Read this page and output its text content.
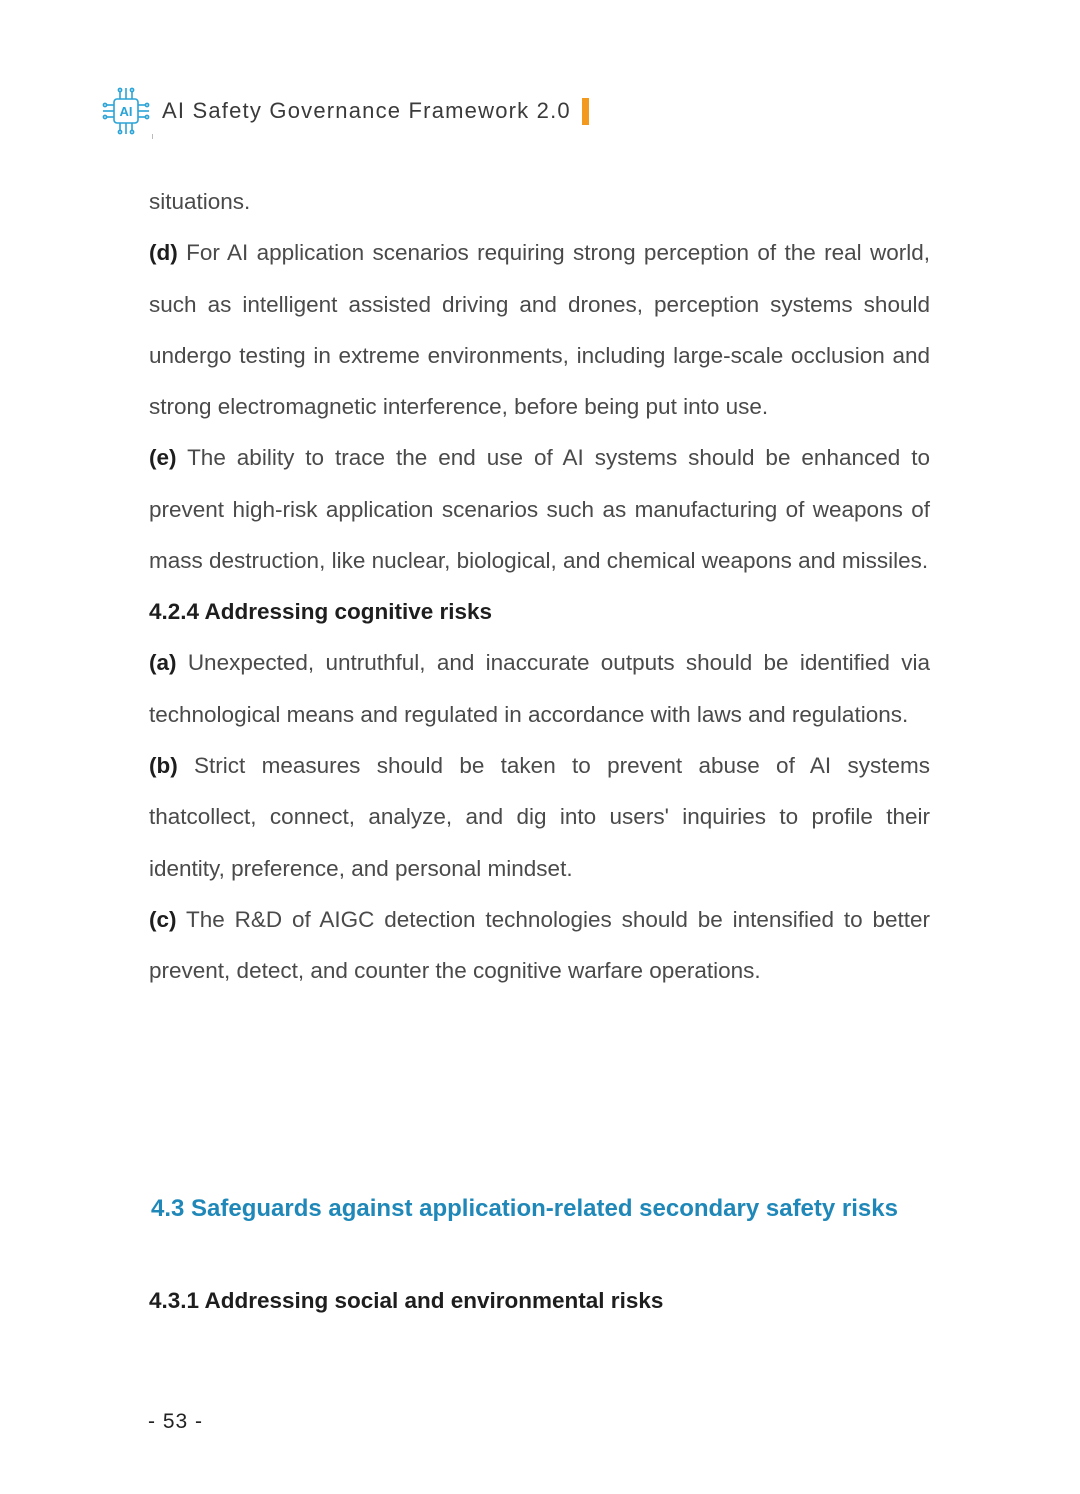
AI AI Safety Governance Framework 2.0

situations.

(d) For AI application scenarios requiring strong perception of the real world, such as intelligent assisted driving and drones, perception systems should undergo testing in extreme environments, including large-scale occlusion and strong electromagnetic interference, before being put into use.

(e) The ability to trace the end use of AI systems should be enhanced to prevent high-risk application scenarios such as manufacturing of weapons of mass destruction, like nuclear, biological, and chemical weapons and missiles.

4.2.4 Addressing cognitive risks

(a) Unexpected, untruthful, and inaccurate outputs should be identified via technological means and regulated in accordance with laws and regulations.

(b) Strict measures should be taken to prevent abuse of AI systems thatcollect, connect, analyze, and dig into users' inquiries to profile their identity, preference, and personal mindset.

(c) The R&D of AIGC detection technologies should be intensified to better prevent, detect, and counter the cognitive warfare operations.

4.3 Safeguards against application-related secondary safety risks

4.3.1 Addressing social and environmental risks

- 53 -
